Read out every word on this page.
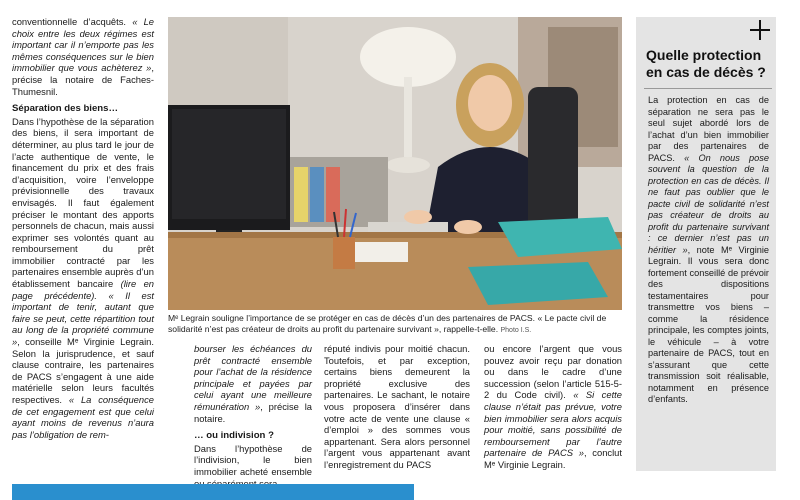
conventionnelle d’acquêts. « Le choix entre les deux régimes est important car il n’emporte pas les mêmes conséquences sur le bien immobilier que vous achèterez », précise la notaire de Faches-Thumesnil.

Séparation des biens…

Dans l’hypothèse de la séparation des biens, il sera important de déterminer, au plus tard le jour de l’acte authentique de vente, le financement du prix et des frais d’acquisition, voire l’enveloppe prévisionnelle des travaux envisagés. Il faut également préciser le montant des apports personnels de chacun, mais aussi exprimer ses volontés quant au remboursement du prêt immobilier contracté par les partenaires ensemble auprès d’un établissement bancaire (lire en page précédente). « Il est important de tenir, autant que faire se peut, cette répartition tout au long de la propriété commune », conseille Mᵉ Virginie Legrain. Selon la jurisprudence, et sauf clause contraire, les partenaires de PACS s’engagent à une aide matérielle selon leurs facultés respectives. « La conséquence de cet engagement est que celui ayant moins de revenus n’aura pas l’obligation de rem-

Mᵉ Legrain souligne l’importance de se protéger en cas de décès d’un des partenaires de PACS. « Le pacte civil de solidarité n’est pas créateur de droits au profit du partenaire survivant », rappelle-t-elle. Photo I.S.

bourser les échéances du prêt contracté ensemble pour l’achat de la résidence principale et payées par celui ayant une meilleure rémunération », précise la notaire.

… ou indivision ?

Dans l’hypothèse de l’indivision, le bien immobilier acheté ensemble

réputé indivis pour moitié chacun. Toutefois, et par exception, certains biens demeurent la propriété exclusive des partenaires. Le sachant, le notaire vous proposera d’insérer dans votre acte de vente une clause « d’emploi » des sommes vous appartenant. Sera alors personnel l’argent vous appartenant avant l’enregistrement du PACS

ou encore l’argent que vous pouvez avoir reçu par donation ou dans le cadre d’une succession (selon l’article 515-5-2 du Code civil). « Si cette clause n’était pas prévue, votre bien immobilier sera alors acquis pour moitié, sans possibilité de remboursement par l’autre partenaire de PACS », conclut Mᵉ Virginie Legrain.

Quelle protection en cas de décès ?

La protection en cas de séparation ne sera pas le seul sujet abordé lors de l’achat d’un bien immobilier par des partenaires de PACS. « On nous pose souvent la question de la protection en cas de décès. Il ne faut pas oublier que le pacte civil de solidarité n’est pas créateur de droits au profit du partenaire survivant : ce dernier n’est pas un héritier », note Mᵉ Virginie Legrain. Il vous sera donc fortement conseillé de prévoir des dispositions testamentaires pour transmettre vos biens – comme la résidence principale, les comptes joints, le véhicule – à votre partenaire de PACS, tout en s’assurant que cette transmission soit réalisable, notamment en présence d’enfants.
